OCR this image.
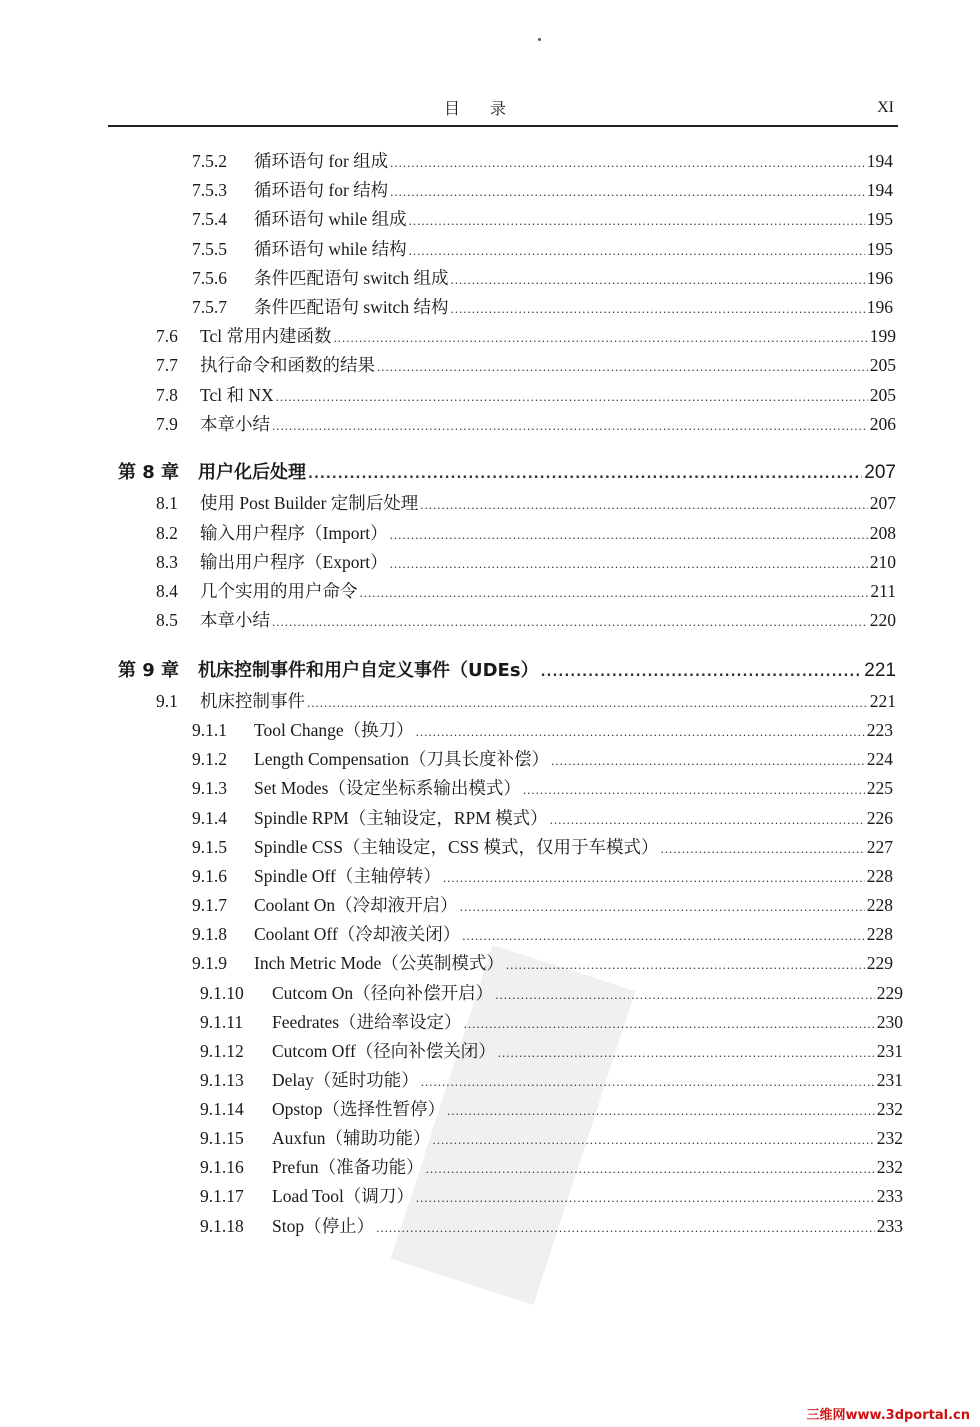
目录	XI
7.5.2	循环语句 for 组成 .....	194
7.5.3	循环语句 for 结构 .....	194
7.5.4	循环语句 while 组成 .....	195
7.5.5	循环语句 while 结构 .....	195
7.5.6	条件匹配语句 switch 组成 .....	196
7.5.7	条件匹配语句 switch 结构 .....	196
7.6	Tcl 常用内建函数 .....	199
7.7	执行命令和函数的结果 .....	205
7.8	Tcl 和 NX .....	205
7.9	本章小结 .....	206
第 8 章	用户化后处理 .....	207
8.1	使用 Post Builder 定制后处理 .....	207
8.2	输入用户程序（Import） .....	208
8.3	输出用户程序（Export） .....	210
8.4	几个实用的用户命令 .....	211
8.5	本章小结 .....	220
第 9 章	机床控制事件和用户自定义事件（UDEs） .....	221
9.1	机床控制事件 .....	221
9.1.1	Tool Change（换刀） .....	223
9.1.2	Length Compensation（刀具长度补偿） .....	224
9.1.3	Set Modes（设定坐标系输出模式） .....	225
9.1.4	Spindle RPM（主轴设定，RPM 模式） .....	226
9.1.5	Spindle CSS（主轴设定，CSS 模式，仅用于车模式） .....	227
9.1.6	Spindle Off（主轴停转） .....	228
9.1.7	Coolant On（冷却液开启） .....	228
9.1.8	Coolant Off（冷却液关闭） .....	228
9.1.9	Inch Metric Mode（公英制模式） .....	229
9.1.10	Cutcom On（径向补偿开启） .....	229
9.1.11	Feedrates（进给率设定） .....	230
9.1.12	Cutcom Off（径向补偿关闭） .....	231
9.1.13	Delay（延时功能） .....	231
9.1.14	Opstop（选择性暂停） .....	232
9.1.15	Auxfun（辅助功能） .....	232
9.1.16	Prefun（准备功能） .....	232
9.1.17	Load Tool（调刀） .....	233
9.1.18	Stop（停止） .....	233
三维网www.3dportal.cn
